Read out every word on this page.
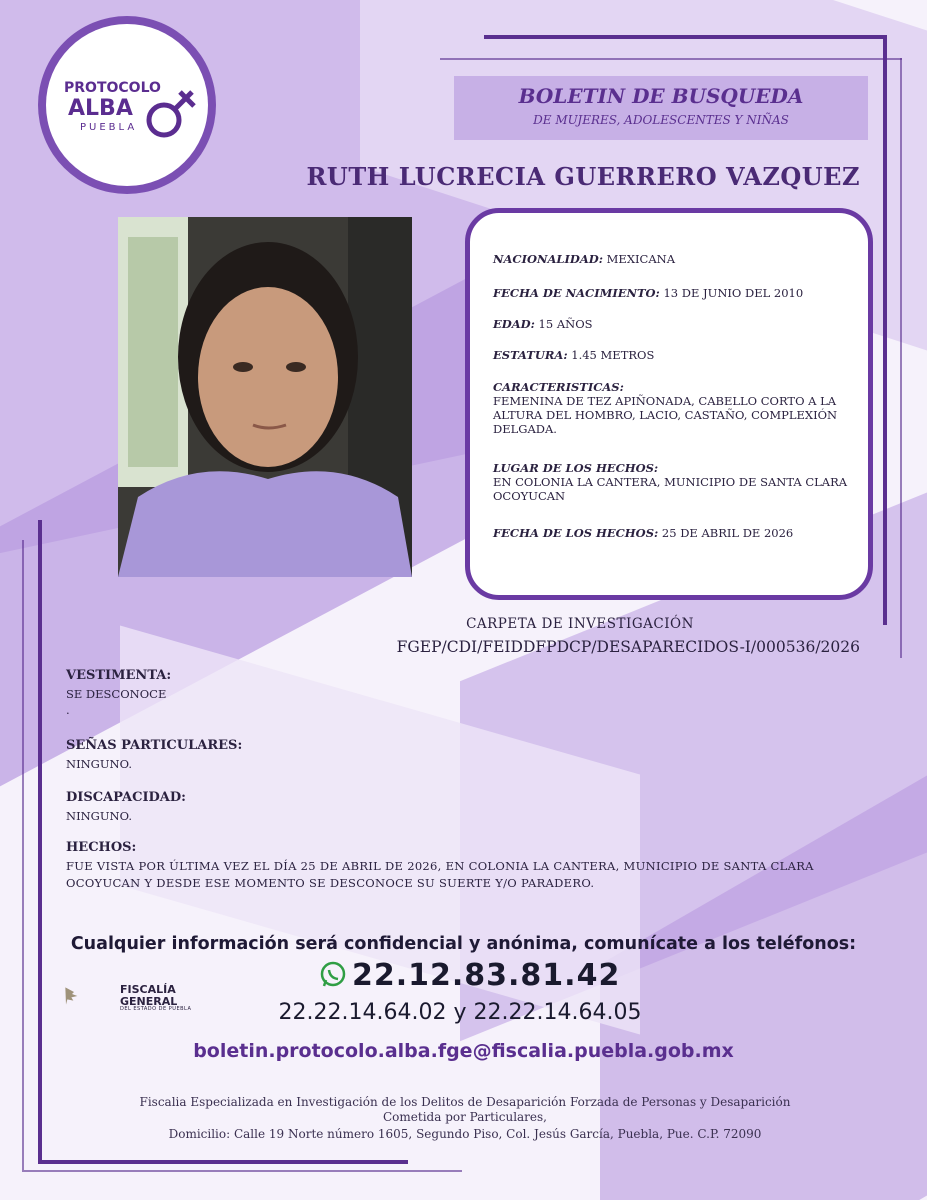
PROTOCOLO
ALBA
PUEBLA
BOLETIN DE BUSQUEDA
DE MUJERES, ADOLESCENTES Y NIÑAS
RUTH LUCRECIA GUERRERO VAZQUEZ
NACIONALIDAD: MEXICANA
FECHA DE NACIMIENTO: 13 DE JUNIO DEL 2010
EDAD: 15 AÑOS
ESTATURA: 1.45 METROS
CARACTERISTICAS:
FEMENINA DE TEZ APIÑONADA, CABELLO CORTO A LA ALTURA DEL HOMBRO, LACIO, CASTAÑO, COMPLEXIÓN DELGADA.
LUGAR DE LOS HECHOS:
EN COLONIA LA CANTERA, MUNICIPIO DE SANTA CLARA OCOYUCAN
FECHA DE LOS HECHOS: 25 DE ABRIL DE 2026
CARPETA DE INVESTIGACIÓN
FGEP/CDI/FEIDDFPDCP/DESAPARECIDOS-I/000536/2026
VESTIMENTA:
SE DESCONOCE
.
SEÑAS PARTICULARES:
NINGUNO.
DISCAPACIDAD:
NINGUNO.
HECHOS:
FUE VISTA POR ÚLTIMA VEZ EL DÍA 25 DE ABRIL DE 2026, EN COLONIA LA CANTERA, MUNICIPIO DE SANTA CLARA OCOYUCAN Y DESDE ESE MOMENTO SE DESCONOCE SU SUERTE Y/O PARADERO.
Cualquier información será confidencial y anónima, comunícate a los teléfonos:
22.12.83.81.42
22.22.14.64.02 y 22.22.14.64.05
boletin.protocolo.alba.fge@fiscalia.puebla.gob.mx
FISCALÍA
GENERAL
DEL ESTADO DE PUEBLA
Fiscalia Especializada en Investigación de los Delitos de Desaparición Forzada de Personas y Desaparición
Cometida por Particulares,
Domicilio: Calle 19 Norte número 1605, Segundo Piso, Col. Jesús García, Puebla, Pue. C.P. 72090
